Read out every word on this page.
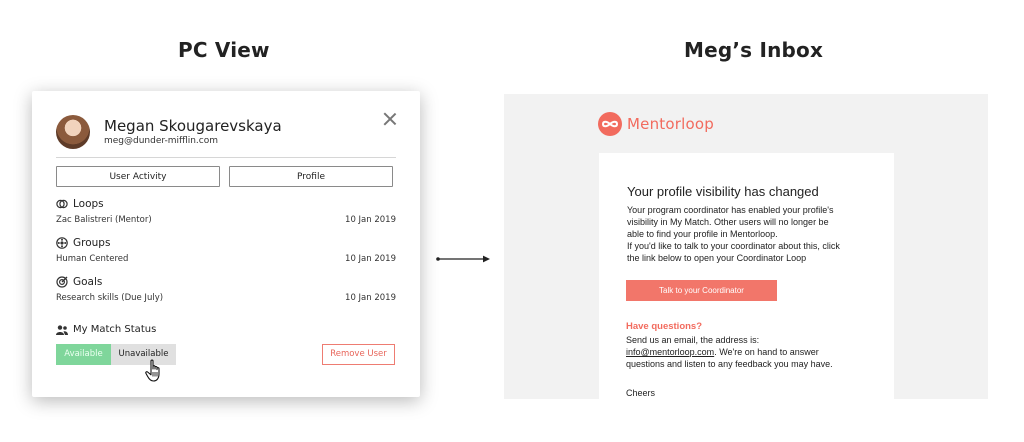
PC View	Meg’s Inbox
Megan Skougarevskaya
meg@dunder-mifflin.com
User Activity	Profile
Loops
Zac Balistreri (Mentor)	10 Jan 2019
Groups
Human Centered	10 Jan 2019
Goals
Research skills (Due July)	10 Jan 2019
My Match Status
Available	Unavailable	Remove User
Mentorloop
Your profile visibility has changed

Your program coordinator has enabled your profile's

visibility in My Match. Other users will no longer be

able to find your profile in Mentorloop.

If you'd like to talk to your coordinator about this, click

the link below to open your Coordinator Loop

Talk to your Coordinator
Have questions?
Send us an email, the address is:
info@mentorloop.com. We're on hand to answer
questions and listen to any feedback you may have.
Cheers
